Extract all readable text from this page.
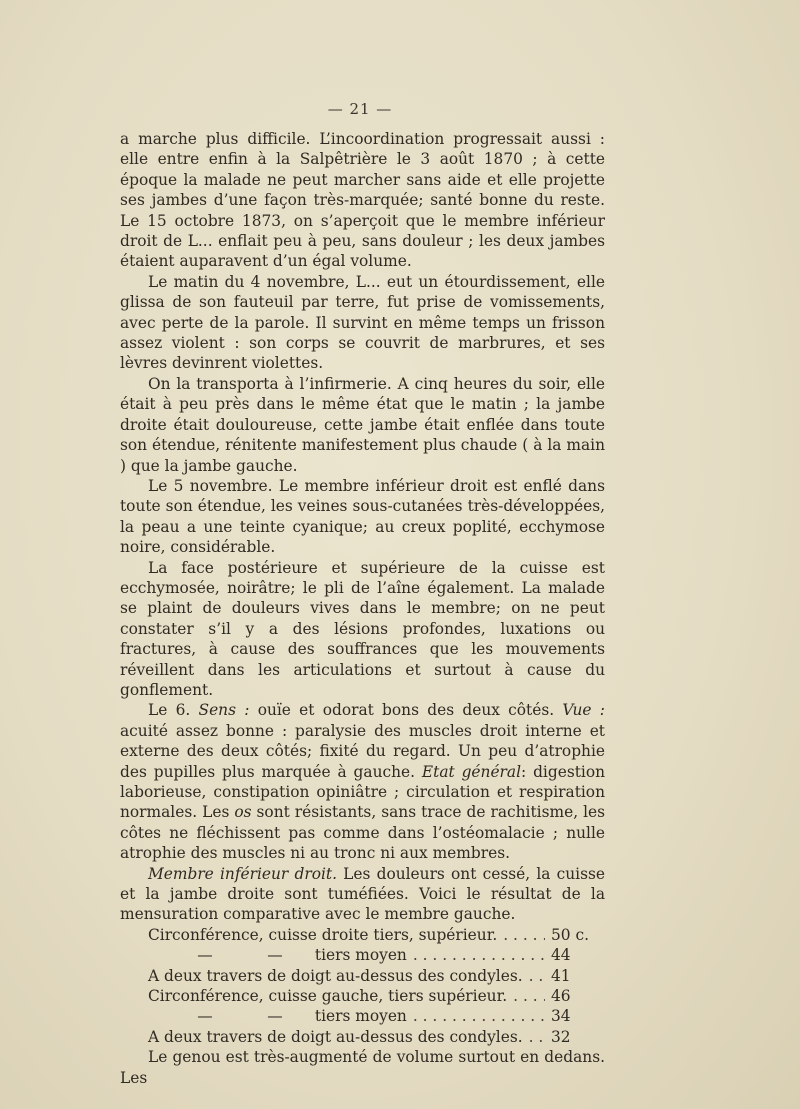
— 21 —

a marche plus difficile. L’incoordination progressait aussi : elle entre enfin à la Salpêtrière le 3 août 1870 ; à cette époque la malade ne peut marcher sans aide et elle projette ses jambes d’une façon très-marquée; santé bonne du reste. Le 15 octobre 1873, on s’aperçoit que le membre inférieur droit de L... enflait peu à peu, sans douleur ; les deux jambes étaient auparavent d’un égal volume.

Le matin du 4 novembre, L... eut un étourdissement, elle glissa de son fauteuil par terre, fut prise de vomissements, avec perte de la parole. Il survint en même temps un frisson assez violent : son corps se couvrit de marbrures, et ses lèvres devinrent violettes.

On la transporta à l’infirmerie. A cinq heures du soir, elle était à peu près dans le même état que le matin ; la jambe droite était douloureuse, cette jambe était enflée dans toute son étendue, rénitente manifestement plus chaude ( à la main ) que la jambe gauche.

Le 5 novembre. Le membre inférieur droit est enflé dans toute son étendue, les veines sous-cutanées très-développées, la peau a une teinte cyanique; au creux poplité, ecchymose noire, considérable.

La face postérieure et supérieure de la cuisse est ecchymosée, noirâtre; le pli de l’aîne également. La malade se plaint de douleurs vives dans le membre; on ne peut constater s’il y a des lésions profondes, luxations ou fractures, à cause des souffrances que les mouvements réveillent dans les articulations et surtout à cause du gonflement.

Le 6. Sens : ouïe et odorat bons des deux côtés. Vue : acuité assez bonne : paralysie des muscles droit interne et externe des deux côtés; fixité du regard. Un peu d’atrophie des pupilles plus marquée à gauche. Etat général: digestion laborieuse, constipation opiniâtre ; circulation et respiration normales. Les os sont résistants, sans trace de rachitisme, les côtes ne fléchissent pas comme dans l’ostéomalacie ; nulle atrophie des muscles ni au tronc ni aux membres.

Membre inférieur droit. Les douleurs ont cessé, la cuisse et la jambe droite sont tuméfiées. Voici le résultat de la mensuration comparative avec le membre gauche.

Circonférence, cuisse droite tiers, supérieur. . . .	50 c.
—	— tiers moyen . . .	44
A deux travers de doigt au-dessus des condyles. . . . 41
Circonférence, cuisse gauche, tiers supérieur. . . .	46
—	— tiers moyen . . .	34
A deux travers de doigt au-dessus des condyles. . . . 32

Le genou est très-augmenté de volume surtout en dedans. Les
